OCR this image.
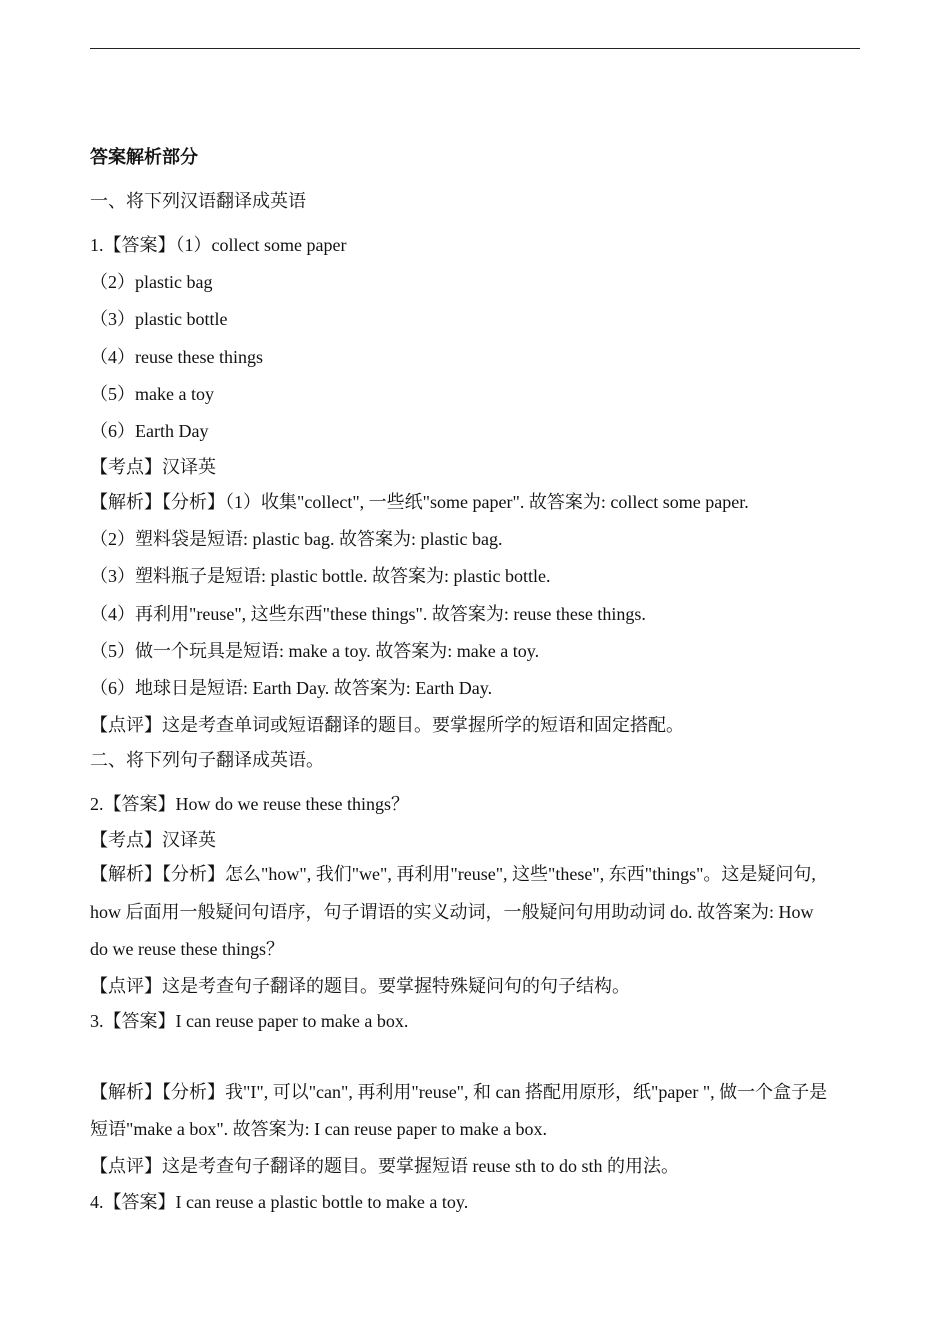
答案解析部分
一、将下列汉语翻译成英语
1.【答案】（1）collect some paper
（2）plastic bag
（3）plastic bottle
（4）reuse these things
（5）make a toy
（6）Earth Day
【考点】汉译英
【解析】【分析】（1）收集"collect", 一些纸"some paper". 故答案为: collect some paper.
（2）塑料袋是短语: plastic bag. 故答案为: plastic bag.
（3）塑料瓶子是短语: plastic bottle. 故答案为: plastic bottle.
（4）再利用"reuse", 这些东西"these things". 故答案为: reuse these things.
（5）做一个玩具是短语: make a toy. 故答案为: make a toy.
（6）地球日是短语: Earth Day. 故答案为: Earth Day.
【点评】这是考查单词或短语翻译的题目。要掌握所学的短语和固定搭配。
二、将下列句子翻译成英语。
2.【答案】How do we reuse these things？
【考点】汉译英
【解析】【分析】怎么"how", 我们"we", 再利用"reuse", 这些"these", 东西"things"。这是疑问句,
how 后面用一般疑问句语序，句子谓语的实义动词，一般疑问句用助动词 do. 故答案为: How
do we reuse these things？
【点评】这是考查句子翻译的题目。要掌握特殊疑问句的句子结构。
3.【答案】I can reuse paper to make a box.
【解析】【分析】我"I", 可以"can", 再利用"reuse", 和 can 搭配用原形，纸"paper ", 做一个盒子是
短语"make a box". 故答案为: I can reuse paper to make a box.
【点评】这是考查句子翻译的题目。要掌握短语 reuse sth to do sth 的用法。
4.【答案】I can reuse a plastic bottle to make a toy.
